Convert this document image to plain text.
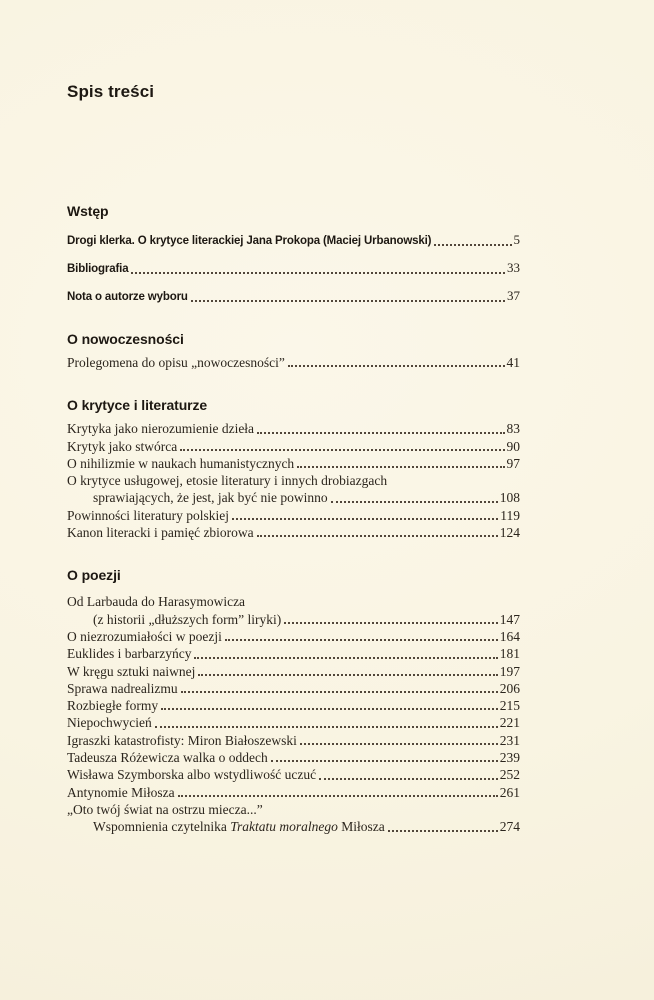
Spis treści
Wstęp
Drogi klerka. O krytyce literackiej Jana Prokopa (Maciej Urbanowski)	5
Bibliografia	33
Nota o autorze wyboru	37
O nowoczesności
Prolegomena do opisu „nowoczesności”	41
O krytyce i literaturze
Krytyka jako nierozumienie dzieła	83
Krytyk jako stwórca	90
O nihilizmie w naukach humanistycznych	97
O krytyce usługowej, etosie literatury i innych drobiazgach
sprawiających, że jest, jak być nie powinno	108
Powinności literatury polskiej	119
Kanon literacki i pamięć zbiorowa	124
O poezji
Od Larbauda do Harasymowicza
(z historii „dłuższych form” liryki)	147
O niezrozumiałości w poezji	164
Euklides i barbarzyńcy	181
W kręgu sztuki naiwnej	197
Sprawa nadrealizmu	206
Rozbiegłe formy	215
Niepochwycień	221
Igraszki katastrofisty: Miron Białoszewski	231
Tadeusza Różewicza walka o oddech	239
Wisława Szymborska albo wstydliwość uczuć	252
Antynomie Miłosza	261
„Oto twój świat na ostrzu miecza...”
Wspomnienia czytelnika Traktatu moralnego Miłosza	274
